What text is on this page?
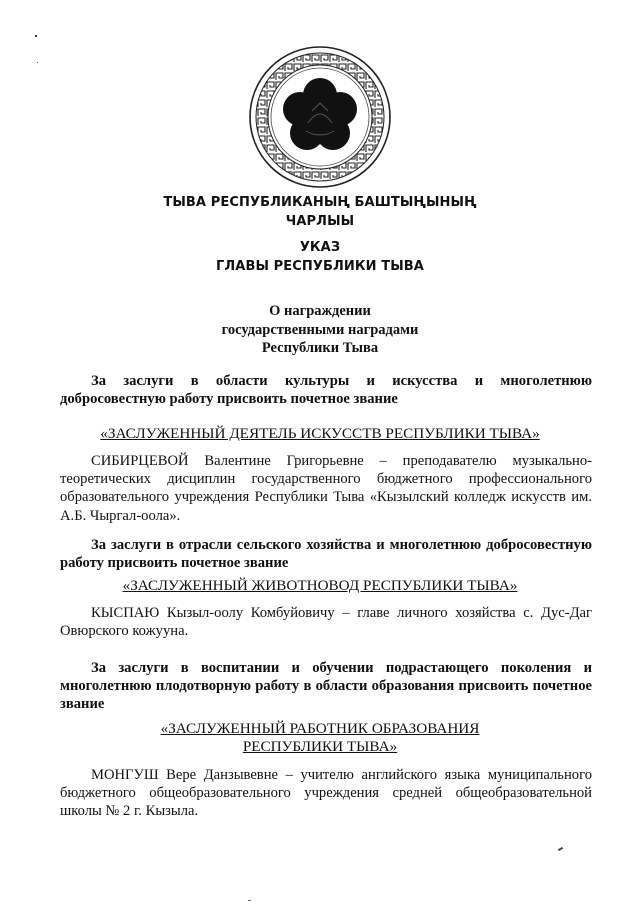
ТЫВА РЕСПУБЛИКАНЫҢ БАШТЫҢЫНЫҢ
ЧАРЛЫЫ
УКАЗ
ГЛАВЫ РЕСПУБЛИКИ ТЫВА
О награждении
государственными наградами
Республики Тыва
За заслуги в области культуры и искусства и многолетнюю добросовестную работу присвоить почетное звание
«ЗАСЛУЖЕННЫЙ ДЕЯТЕЛЬ ИСКУССТВ РЕСПУБЛИКИ ТЫВА»
СИБИРЦЕВОЙ Валентине Григорьевне – преподавателю музыкально-теоретических дисциплин государственного бюджетного профессионального образовательного учреждения Республики Тыва «Кызылский колледж искусств им. А.Б. Чыргал-оола».
За заслуги в отрасли сельского хозяйства и многолетнюю добросовестную работу присвоить почетное звание
«ЗАСЛУЖЕННЫЙ ЖИВОТНОВОД РЕСПУБЛИКИ ТЫВА»
КЫСПАЮ Кызыл-оолу Комбуйовичу – главе личного хозяйства с. Дус-Даг Овюрского кожууна.
За заслуги в воспитании и обучении подрастающего поколения и многолетнюю плодотворную работу в области образования присвоить почетное звание
«ЗАСЛУЖЕННЫЙ РАБОТНИК ОБРАЗОВАНИЯ
РЕСПУБЛИКИ ТЫВА»
МОНГУШ Вере Данзывевне – учителю английского языка муниципального бюджетного общеобразовательного учреждения средней общеобразовательной школы № 2 г. Кызыла.
